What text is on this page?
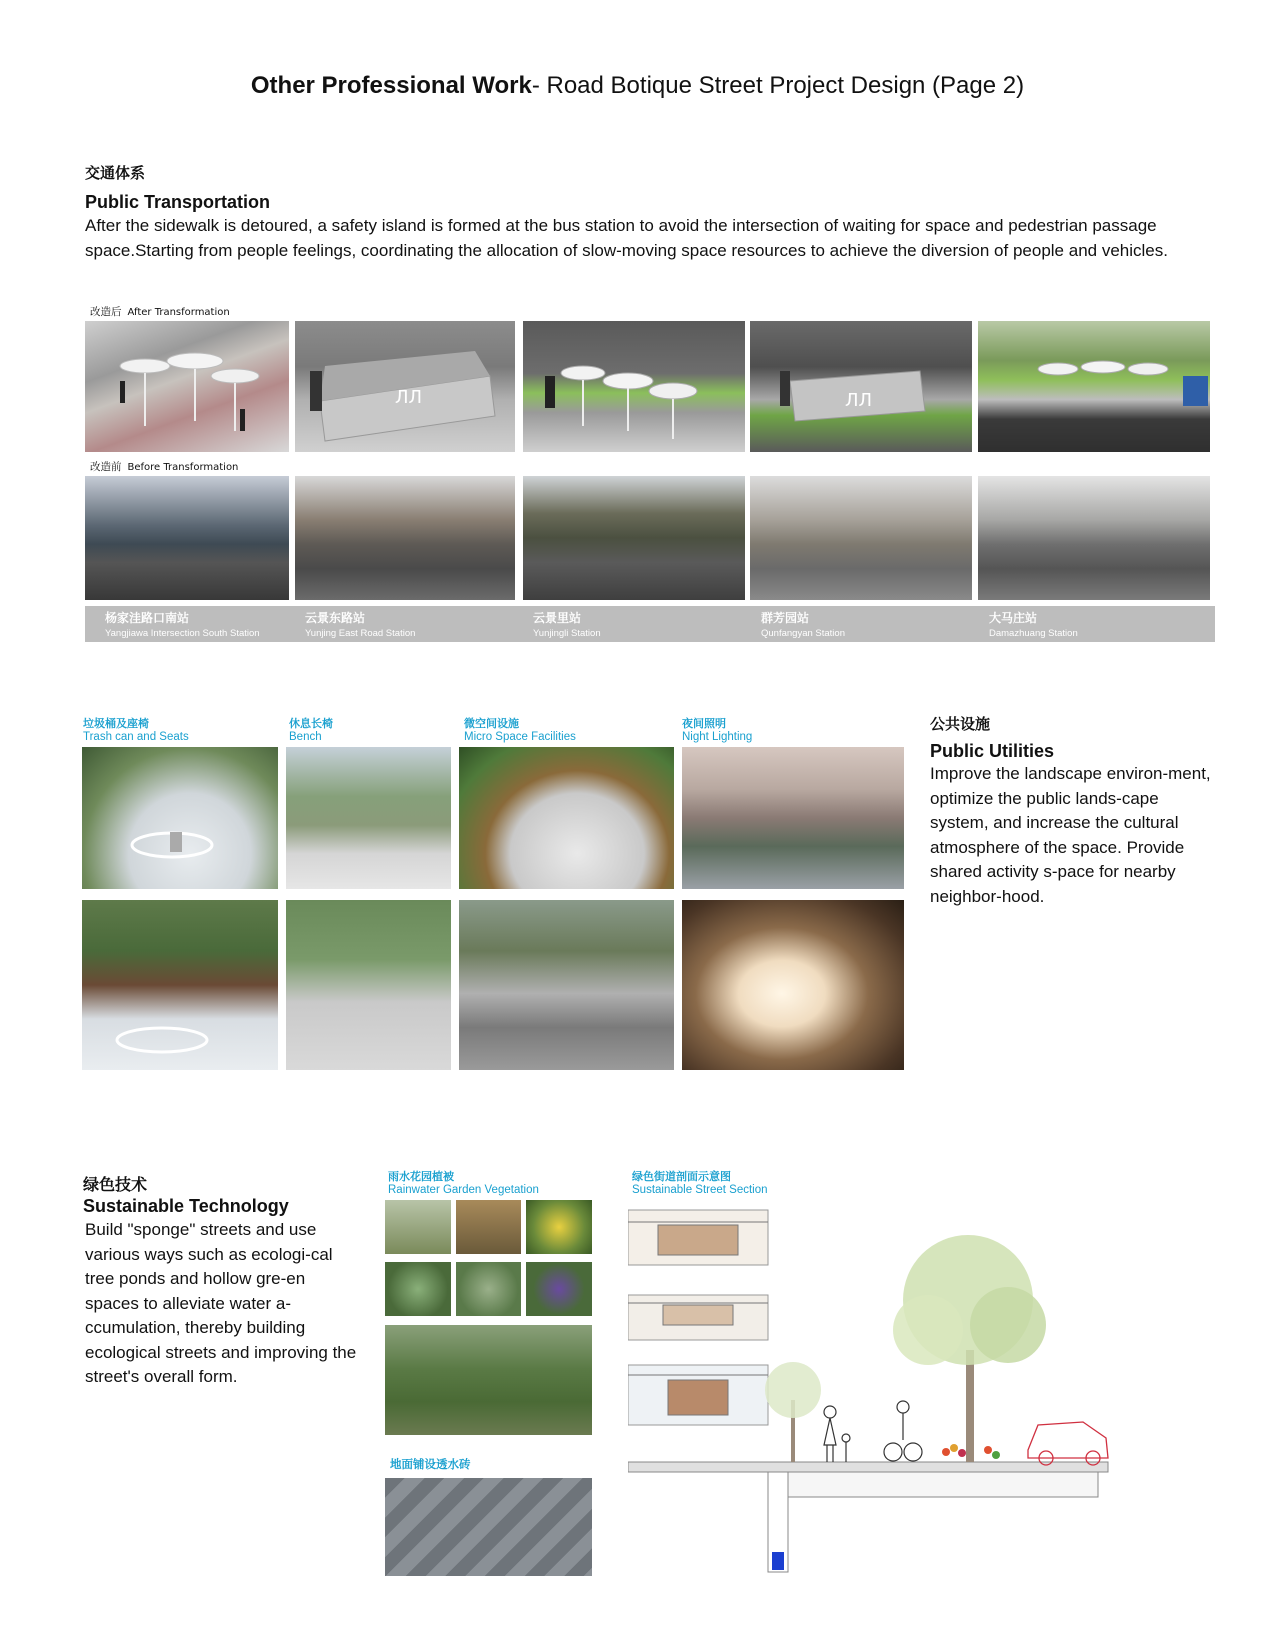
Other Professional Work- Road Botique Street Project Design (Page 2)
交通体系
Public Transportation
After the sidewalk is detoured, a safety island is formed at the bus station to avoid the intersection of waiting for space and pedestrian passage space.Starting from people feelings, coordinating the allocation of slow-moving space resources to achieve the diversion of people and vehicles.
改造后 After Transformation
ЛЛ	ЛЛ
改造前 Before Transformation
杨家洼路口南站
Yangjiawa Intersection South Station
云景东路站
Yunjing East Road Station
云景里站
Yunjingli Station
群芳园站
Qunfangyan Station
大马庄站
Damazhuang Station
垃圾桶及座椅
Trash can and Seats
休息长椅
Bench
微空间设施
Micro Space Facilities
夜间照明
Night Lighting
公共设施
Public Utilities
Improve the landscape environ-ment, optimize the public lands-cape system, and increase the cultural atmosphere of the space. Provide shared activity s-pace for nearby neighbor-hood.
绿色技术
Sustainable Technology
Build "sponge" streets and use various ways such as ecologi-cal tree ponds and hollow gre-en spaces to alleviate water a-ccumulation, thereby building ecological streets and improving the street's overall form.
雨水花园植被
Rainwater Garden Vegetation
地面铺设透水砖
绿色街道剖面示意图
Sustainable Street Section
